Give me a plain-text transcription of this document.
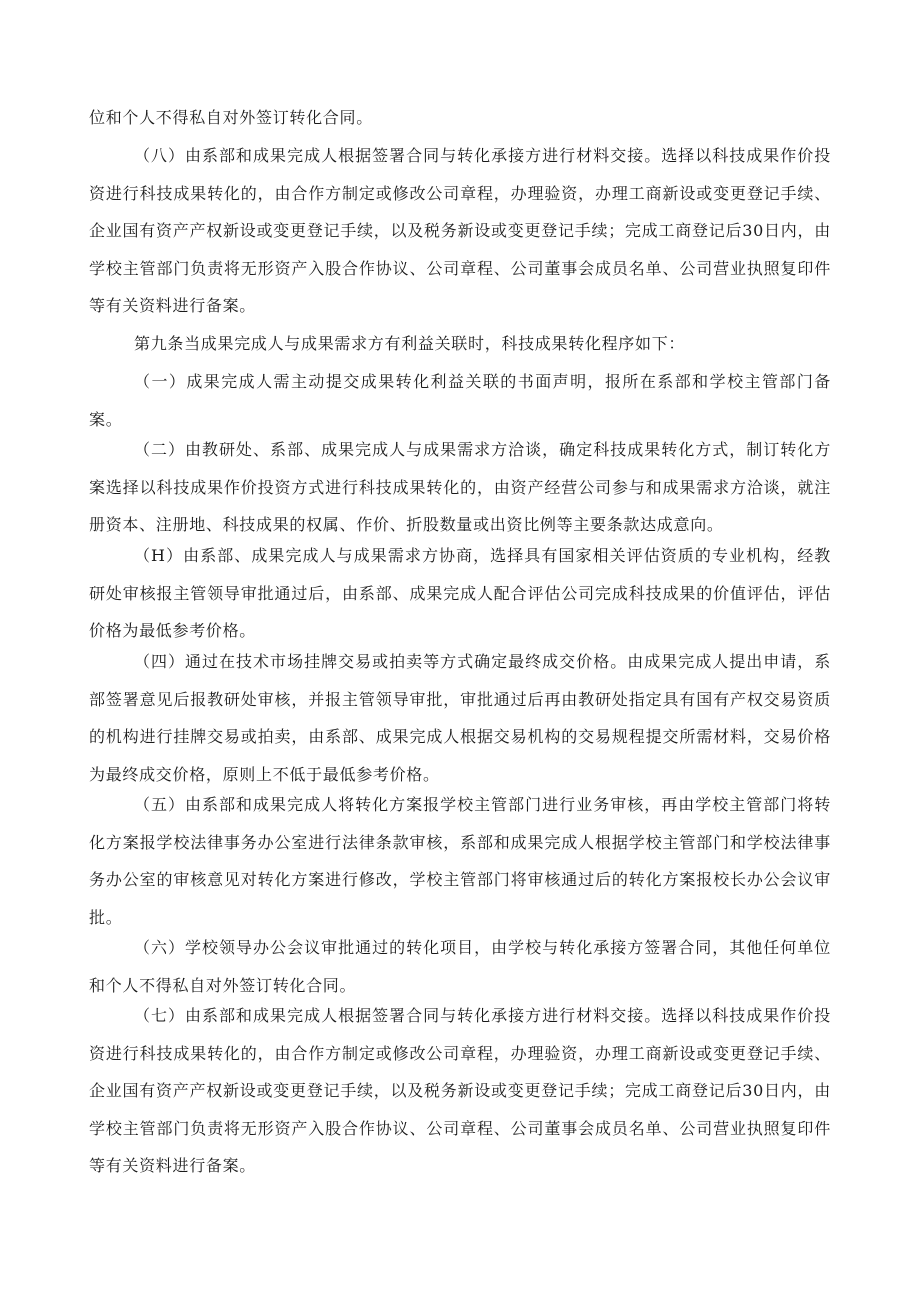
位和个人不得私自对外签订转化合同。

（八）由系部和成果完成人根据签署合同与转化承接方进行材料交接。选择以科技成果作价投资进行科技成果转化的，由合作方制定或修改公司章程，办理验资，办理工商新设或变更登记手续、企业国有资产产权新设或变更登记手续，以及税务新设或变更登记手续；完成工商登记后30日内，由学校主管部门负责将无形资产入股合作协议、公司章程、公司董事会成员名单、公司营业执照复印件等有关资料进行备案。

第九条当成果完成人与成果需求方有利益关联时，科技成果转化程序如下：

（一）成果完成人需主动提交成果转化利益关联的书面声明，报所在系部和学校主管部门备案。

（二）由教研处、系部、成果完成人与成果需求方洽谈，确定科技成果转化方式，制订转化方案选择以科技成果作价投资方式进行科技成果转化的，由资产经营公司参与和成果需求方洽谈，就注册资本、注册地、科技成果的权属、作价、折股数量或出资比例等主要条款达成意向。

（H）由系部、成果完成人与成果需求方协商，选择具有国家相关评估资质的专业机构，经教研处审核报主管领导审批通过后，由系部、成果完成人配合评估公司完成科技成果的价值评估，评估价格为最低参考价格。

（四）通过在技术市场挂牌交易或拍卖等方式确定最终成交价格。由成果完成人提出申请，系部签署意见后报教研处审核，并报主管领导审批，审批通过后再由教研处指定具有国有产权交易资质的机构进行挂牌交易或拍卖，由系部、成果完成人根据交易机构的交易规程提交所需材料，交易价格为最终成交价格，原则上不低于最低参考价格。

（五）由系部和成果完成人将转化方案报学校主管部门进行业务审核，再由学校主管部门将转化方案报学校法律事务办公室进行法律条款审核，系部和成果完成人根据学校主管部门和学校法律事务办公室的审核意见对转化方案进行修改，学校主管部门将审核通过后的转化方案报校长办公会议审批。

（六）学校领导办公会议审批通过的转化项目，由学校与转化承接方签署合同，其他任何单位和个人不得私自对外签订转化合同。

（七）由系部和成果完成人根据签署合同与转化承接方进行材料交接。选择以科技成果作价投资进行科技成果转化的，由合作方制定或修改公司章程，办理验资，办理工商新设或变更登记手续、企业国有资产产权新设或变更登记手续，以及税务新设或变更登记手续；完成工商登记后30日内，由学校主管部门负责将无形资产入股合作协议、公司章程、公司董事会成员名单、公司营业执照复印件等有关资料进行备案。
